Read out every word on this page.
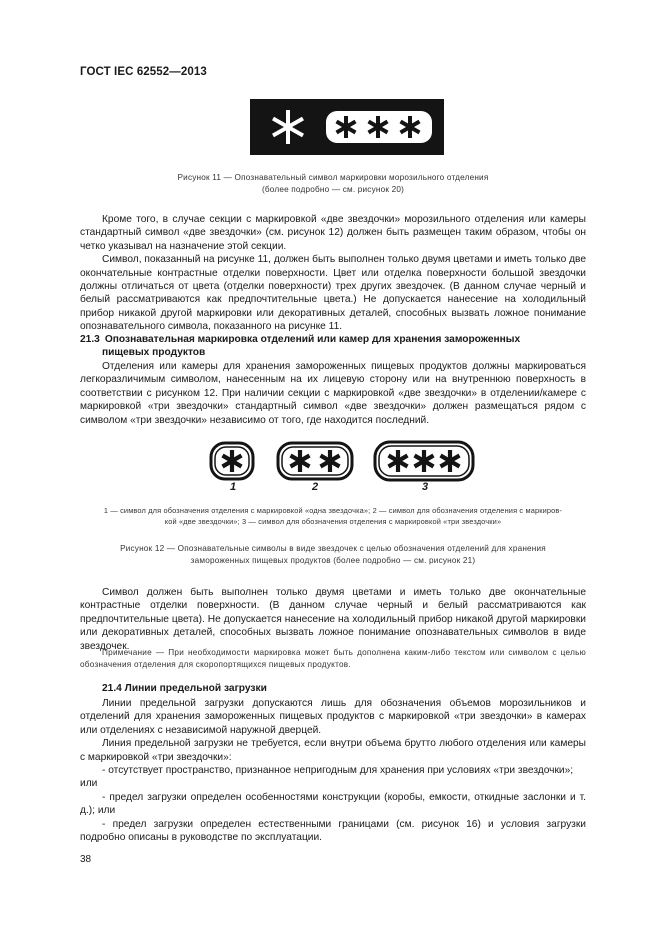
ГОСТ IEC 62552—2013
Рисунок 11 — Опознавательный символ маркировки морозильного отделения
(более подробно — см. рисунок 20)

Кроме того, в случае секции с маркировкой «две звездочки» морозильного отделения или камеры стандартный символ «две звездочки» (см. рисунок 12) должен быть размещен таким образом, чтобы он четко указывал на назначение этой секции.

Символ, показанный на рисунке 11, должен быть выполнен только двумя цветами и иметь только две окончательные контрастные отделки поверхности. Цвет или отделка поверхности большой звездочки должны отличаться от цвета (отделки поверхности) трех других звездочек. (В данном случае черный и белый рассматриваются как предпочтительные цвета.) Не допускается нанесение на холодильный прибор никакой другой маркировки или декоративных деталей, способных вызвать ложное понимание опознавательного символа, показанного на рисунке 11.

21.3 Опознавательная маркировка отделений или камер для хранения замороженных
пищевых продуктов

Отделения или камеры для хранения замороженных пищевых продуктов должны маркироваться легкоразличимым символом, нанесенным на их лицевую сторону или на внутреннюю поверхность в соответствии с рисунком 12. При наличии секции с маркировкой «две звездочки» в отделении/камере с маркировкой «три звездочки» стандартный символ «две звездочки» должен размещаться рядом с символом «три звездочки» независимо от того, где находится последний.

1	2	3
1 — символ для обозначения отделения с маркировкой «одна звездочка»; 2 — символ для обозначения отделения с маркиров-
кой «две звездочки»; 3 — символ для обозначения отделения с маркировкой «три звездочки»
Рисунок 12 — Опознавательные символы в виде звездочек с целью обозначения отделений для хранения
замороженных пищевых продуктов (более подробно — см. рисунок 21)

Символ должен быть выполнен только двумя цветами и иметь только две окончательные контрастные отделки поверхности. (В данном случае черный и белый рассматриваются как предпочтительные цвета). Не допускается нанесение на холодильный прибор никакой другой маркировки или декоративных деталей, способных вызвать ложное понимание опознавательных символов в виде звездочек.

Примечание — При необходимости маркировка может быть дополнена каким-либо текстом или символом с целью обозначения отделения для скоропортящихся пищевых продуктов.
21.4 Линии предельной загрузки

Линии предельной загрузки допускаются лишь для обозначения объемов морозильников и отделений для хранения замороженных пищевых продуктов с маркировкой «три звездочки» в камерах или отделениях с независимой наружной дверцей.

Линия предельной загрузки не требуется, если внутри объема брутто любого отделения или камеры с маркировкой «три звездочки»:

- отсутствует пространство, признанное непригодным для хранения при условиях «три звездочки»;

или

- предел загрузки определен особенностями конструкции (коробы, емкости, откидные заслонки и т. д.); или

- предел загрузки определен естественными границами (см. рисунок 16) и условия загрузки подробно описаны в руководстве по эксплуатации.

38
